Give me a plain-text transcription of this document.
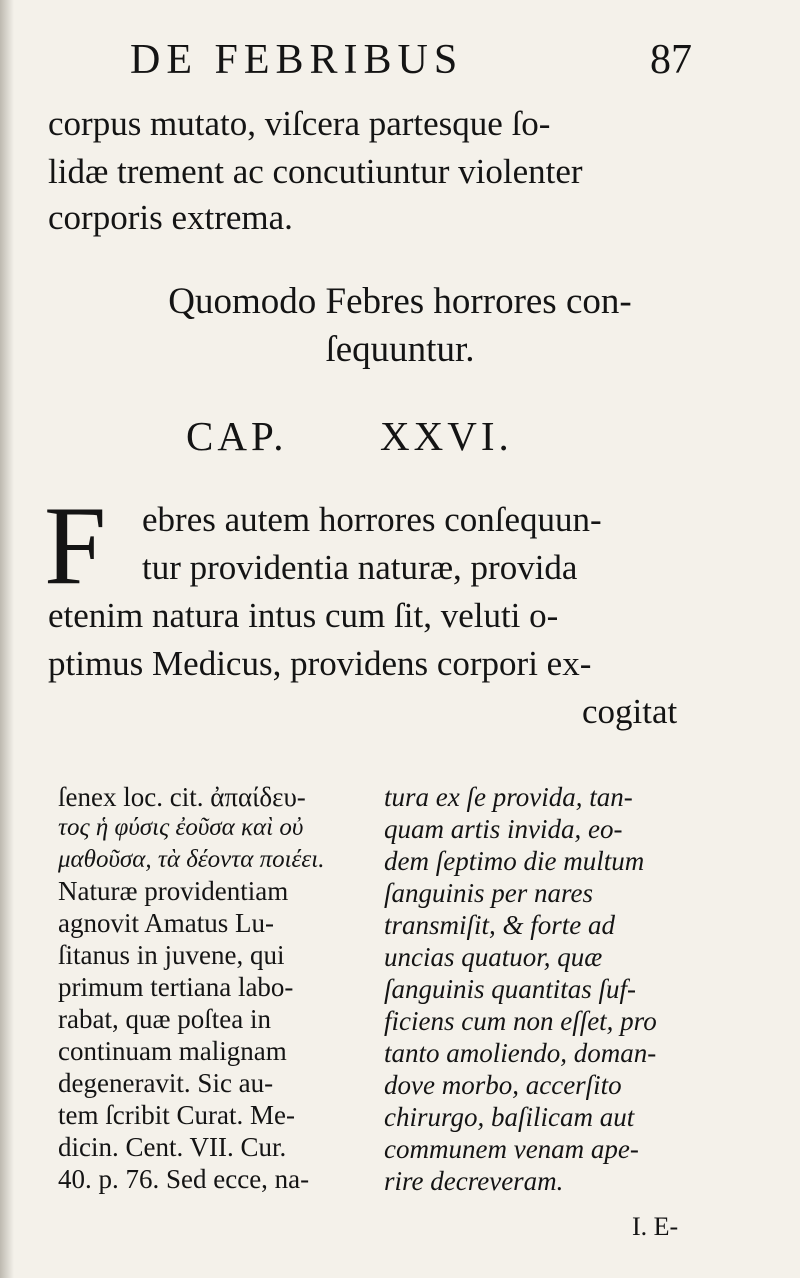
DE FEBRIBUS	87
corpus mutato, viſcera partesque ſo-
lidæ trement ac concutiuntur violenter
corporis extrema.
Quomodo Febres horrores con-
ſequuntur.
CAP. XXVI.
F ebres autem horrores conſequun-
tur providentia naturæ, provida
etenim natura intus cum ſit, veluti o-
ptimus Medicus, providens corpori ex-
cogitat
ſenex loc. cit. ἀπαίδευ-
τος ἡ φύσις ἐοῦσα καὶ οὐ
μαθοῦσα, τὰ δέοντα ποιέει.
Naturæ providentiam
agnovit Amatus Lu-
ſitanus in juvene, qui
primum tertiana labo-
rabat, quæ poſtea in
continuam malignam
degeneravit. Sic au-
tem ſcribit Curat. Me-
dicin. Cent. VII. Cur.
40. p. 76. Sed ecce, na-
tura ex ſe provida, tan-
quam artis invida, eo-
dem ſeptimo die multum
ſanguinis per nares
transmiſit, & forte ad
uncias quatuor, quæ
ſanguinis quantitas ſuf-
ficiens cum non eſſet, pro
tanto amoliendo, doman-
dove morbo, accerſito
chirurgo, baſilicam aut
communem venam ape-
rire decreveram.
I. E-
